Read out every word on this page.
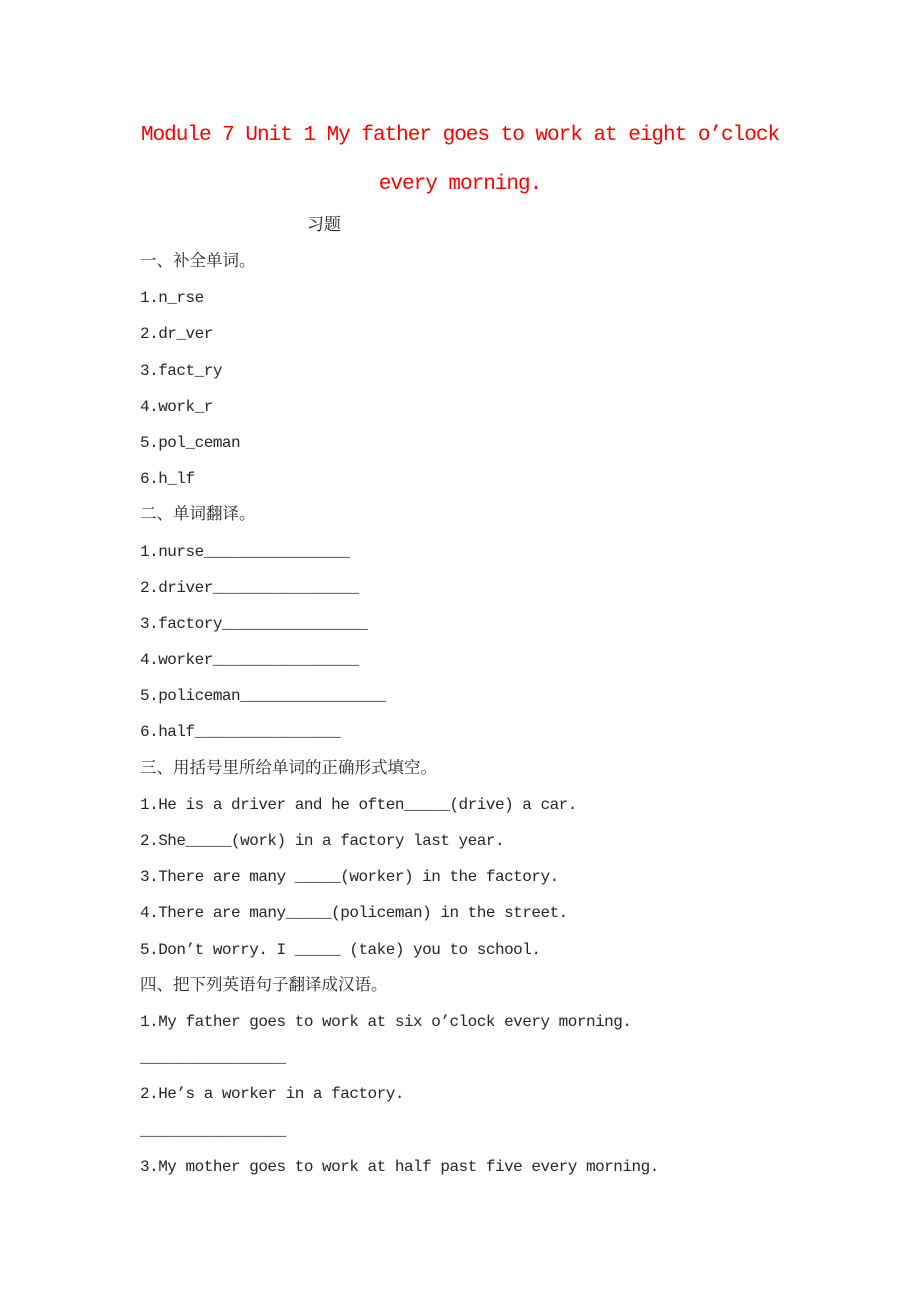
Module 7 Unit 1 My father goes to work at eight o’clock
every morning.
习题
一、补全单词。
1.n_rse
2.dr_ver
3.fact_ry
4.work_r
5.pol_ceman
6.h_lf
二、单词翻译。
1.nurse________________
2.driver________________
3.factory________________
4.worker________________
5.policeman________________
6.half________________
三、用括号里所给单词的正确形式填空。
1.He is a driver and he often_____(drive) a car.
2.She_____(work) in a factory last year.
3.There are many _____(worker) in the factory.
4.There are many_____(policeman) in the street.
5.Don’t worry. I _____ (take) you to school.
四、把下列英语句子翻译成汉语。
1.My father goes to work at six o’clock every morning.
________________
2.He’s a worker in a factory.
________________
3.My mother goes to work at half past five every morning.
